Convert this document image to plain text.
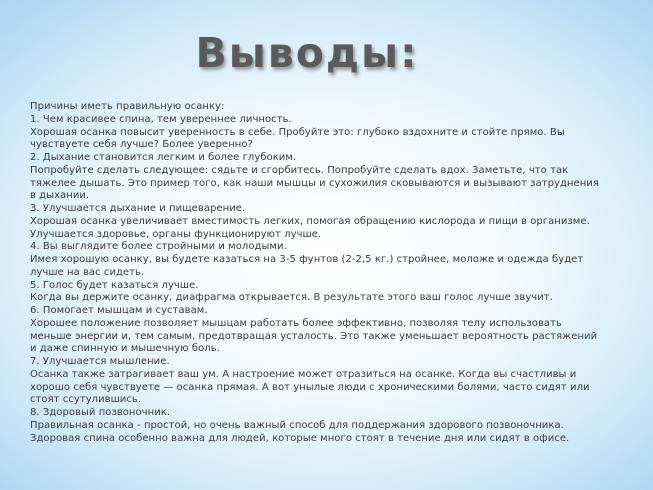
Выводы:

Причины иметь правильную осанку:

1. Чем красивее спина, тем увереннее личность.

Хорошая осанка повысит уверенность в себе. Пробуйте это: глубоко вздохните и стойте прямо. Вы чувствуете себя лучше? Более уверенно?

2. Дыхание становится легким и более глубоким.

Попробуйте сделать следующее: сядьте и сгорбитесь. Попробуйте сделать вдох. Заметьте, что так тяжелее дышать. Это пример того, как наши мышцы и сухожилия сковываются и вызывают затруднения в дыхании.

3. Улучшается дыхание и пищеварение.

Хорошая осанка увеличивает вместимость легких, помогая обращению кислорода и пищи в организме. Улучшается здоровье, органы функционируют лучше.

4. Вы выглядите более стройными и молодыми.

Имея хорошую осанку, вы будете казаться на 3-5 фунтов (2-2,5 кг.) стройнее, моложе и одежда будет лучше на вас сидеть.

5. Голос будет казаться лучше.

Когда вы держите осанку, диафрагма открывается. В результате этого ваш голос лучше звучит.

6. Помогает мышцам и суставам.

Хорошее положение позволяет мышцам работать более эффективно, позволяя телу использовать меньше энергии и, тем самым, предотвращая усталость. Это также уменьшает вероятность растяжений и даже спинную и мышечную боль.

7. Улучшается мышление.

Осанка также затрагивает ваш ум. А настроение может отразиться на осанке. Когда вы счастливы и хорошо себя чувствуете — осанка прямая. А вот унылые люди с хроническими болями, часто сидят или стоят ссутулившись.

8. Здоровый позвоночник.

Правильная осанка - простой, но очень важный способ для поддержания здорового позвоночника. Здоровая спина особенно важна для людей, которые много стоят в течение дня или сидят в офисе.
